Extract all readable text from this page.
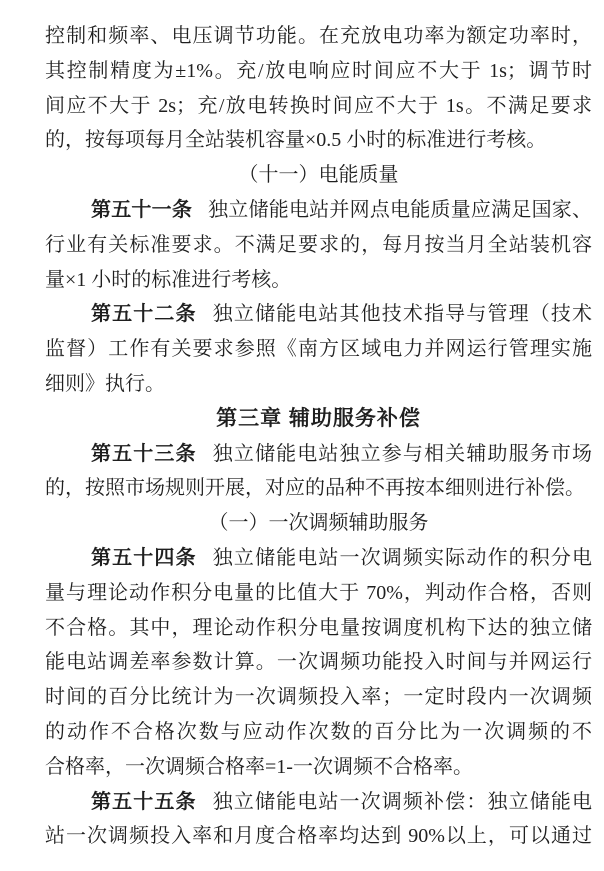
控制和频率、电压调节功能。在充放电功率为额定功率时，
其控制精度为±1%。充/放电响应时间应不大于 1s；调节时
间应不大于 2s；充/放电转换时间应不大于 1s。不满足要求
的，按每项每月全站装机容量×0.5 小时的标准进行考核。
（十一）电能质量
第五十一条 独立储能电站并网点电能质量应满足国家、
行业有关标准要求。不满足要求的，每月按当月全站装机容
量×1 小时的标准进行考核。
第五十二条 独立储能电站其他技术指导与管理（技术
监督）工作有关要求参照《南方区域电力并网运行管理实施
细则》执行。
第三章 辅助服务补偿
第五十三条 独立储能电站独立参与相关辅助服务市场
的，按照市场规则开展，对应的品种不再按本细则进行补偿。
（一）一次调频辅助服务
第五十四条 独立储能电站一次调频实际动作的积分电
量与理论动作积分电量的比值大于 70%，判动作合格，否则
不合格。其中，理论动作积分电量按调度机构下达的独立储
能电站调差率参数计算。一次调频功能投入时间与并网运行
时间的百分比统计为一次调频投入率；一定时段内一次调频
的动作不合格次数与应动作次数的百分比为一次调频的不
合格率，一次调频合格率=1-一次调频不合格率。
第五十五条 独立储能电站一次调频补偿：独立储能电
站一次调频投入率和月度合格率均达到 90%以上，可以通过
